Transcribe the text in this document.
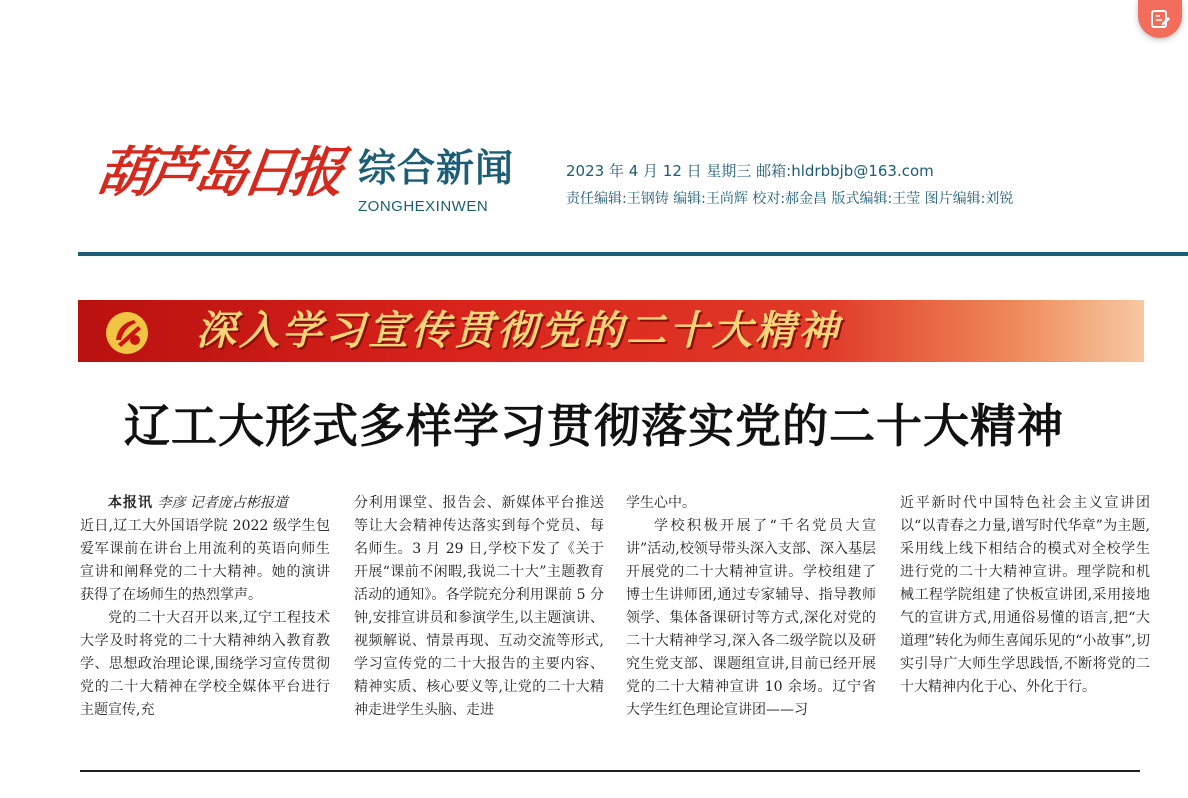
葫芦岛日报 综合新闻
ZONGHEXINWEN
2023 年 4 月 12 日 星期三 邮箱:hldrbbjb@163.com
责任编辑:王钢铸 编辑:王尚辉 校对:郝金昌 版式编辑:王莹 图片编辑:刘锐
深入学习宣传贯彻党的二十大精神
辽工大形式多样学习贯彻落实党的二十大精神

本报讯 李彦 记者庞占彬报道

近日,辽工大外国语学院 2022 级学生包爱军课前在讲台上用流利的英语向师生宣讲和阐释党的二十大精神。她的演讲获得了在场师生的热烈掌声。

党的二十大召开以来,辽宁工程技术大学及时将党的二十大精神纳入教育教学、思想政治理论课,围绕学习宣传贯彻党的二十大精神在学校全媒体平台进行主题宣传,充

分利用课堂、报告会、新媒体平台推送等让大会精神传达落实到每个党员、每名师生。3 月 29 日,学校下发了《关于开展“课前不闲暇,我说二十大”主题教育活动的通知》。各学院充分利用课前 5 分钟,安排宣讲员和参演学生,以主题演讲、视频解说、情景再现、互动交流等形式,学习宣传党的二十大报告的主要内容、精神实质、核心要义等,让党的二十大精神走进学生头脑、走进

学生心中。

学校积极开展了“千名党员大宣讲”活动,校领导带头深入支部、深入基层开展党的二十大精神宣讲。学校组建了博士生讲师团,通过专家辅导、指导教师领学、集体备课研讨等方式,深化对党的二十大精神学习,深入各二级学院以及研究生党支部、课题组宣讲,目前已经开展党的二十大精神宣讲 10 余场。辽宁省大学生红色理论宣讲团——习

近平新时代中国特色社会主义宣讲团以“以青春之力量,谱写时代华章”为主题,采用线上线下相结合的模式对全校学生进行党的二十大精神宣讲。理学院和机械工程学院组建了快板宣讲团,采用接地气的宣讲方式,用通俗易懂的语言,把“大道理”转化为师生喜闻乐见的“小故事”,切实引导广大师生学思践悟,不断将党的二十大精神内化于心、外化于行。
